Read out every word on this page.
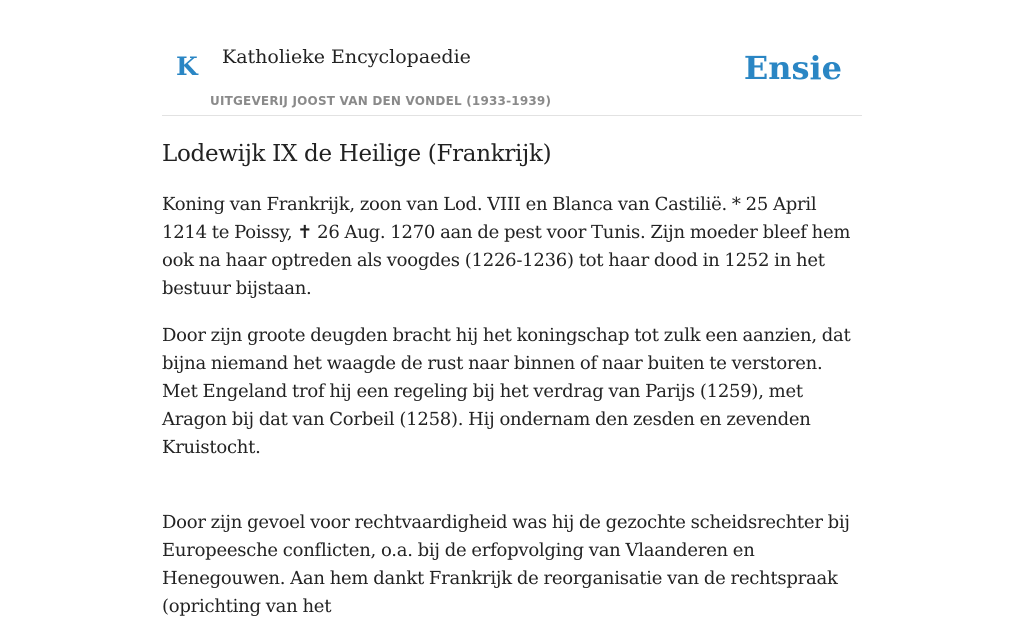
K Katholieke Encyclopaedie
UITGEVERIJ JOOST VAN DEN VONDEL (1933-1939)
Ensie
Lodewijk IX de Heilige (Frankrijk)

Koning van Frankrijk, zoon van Lod. VIII en Blanca van Castilië. * 25 April 1214 te Poissy, ✝ 26 Aug. 1270 aan de pest voor Tunis. Zijn moeder bleef hem ook na haar optreden als voogdes (1226-1236) tot haar dood in 1252 in het bestuur bijstaan.

Door zijn groote deugden bracht hij het koningschap tot zulk een aanzien, dat bijna niemand het waagde de rust naar binnen of naar buiten te verstoren. Met Engeland trof hij een regeling bij het verdrag van Parijs (1259), met Aragon bij dat van Corbeil (1258). Hij ondernam den zesden en zevenden Kruistocht.

Door zijn gevoel voor rechtvaardigheid was hij de gezochte scheidsrechter bij Europeesche conflicten, o.a. bij de erfopvolging van Vlaanderen en Henegouwen. Aan hem dankt Frankrijk de reorganisatie van de rechtspraak (oprichting van het
